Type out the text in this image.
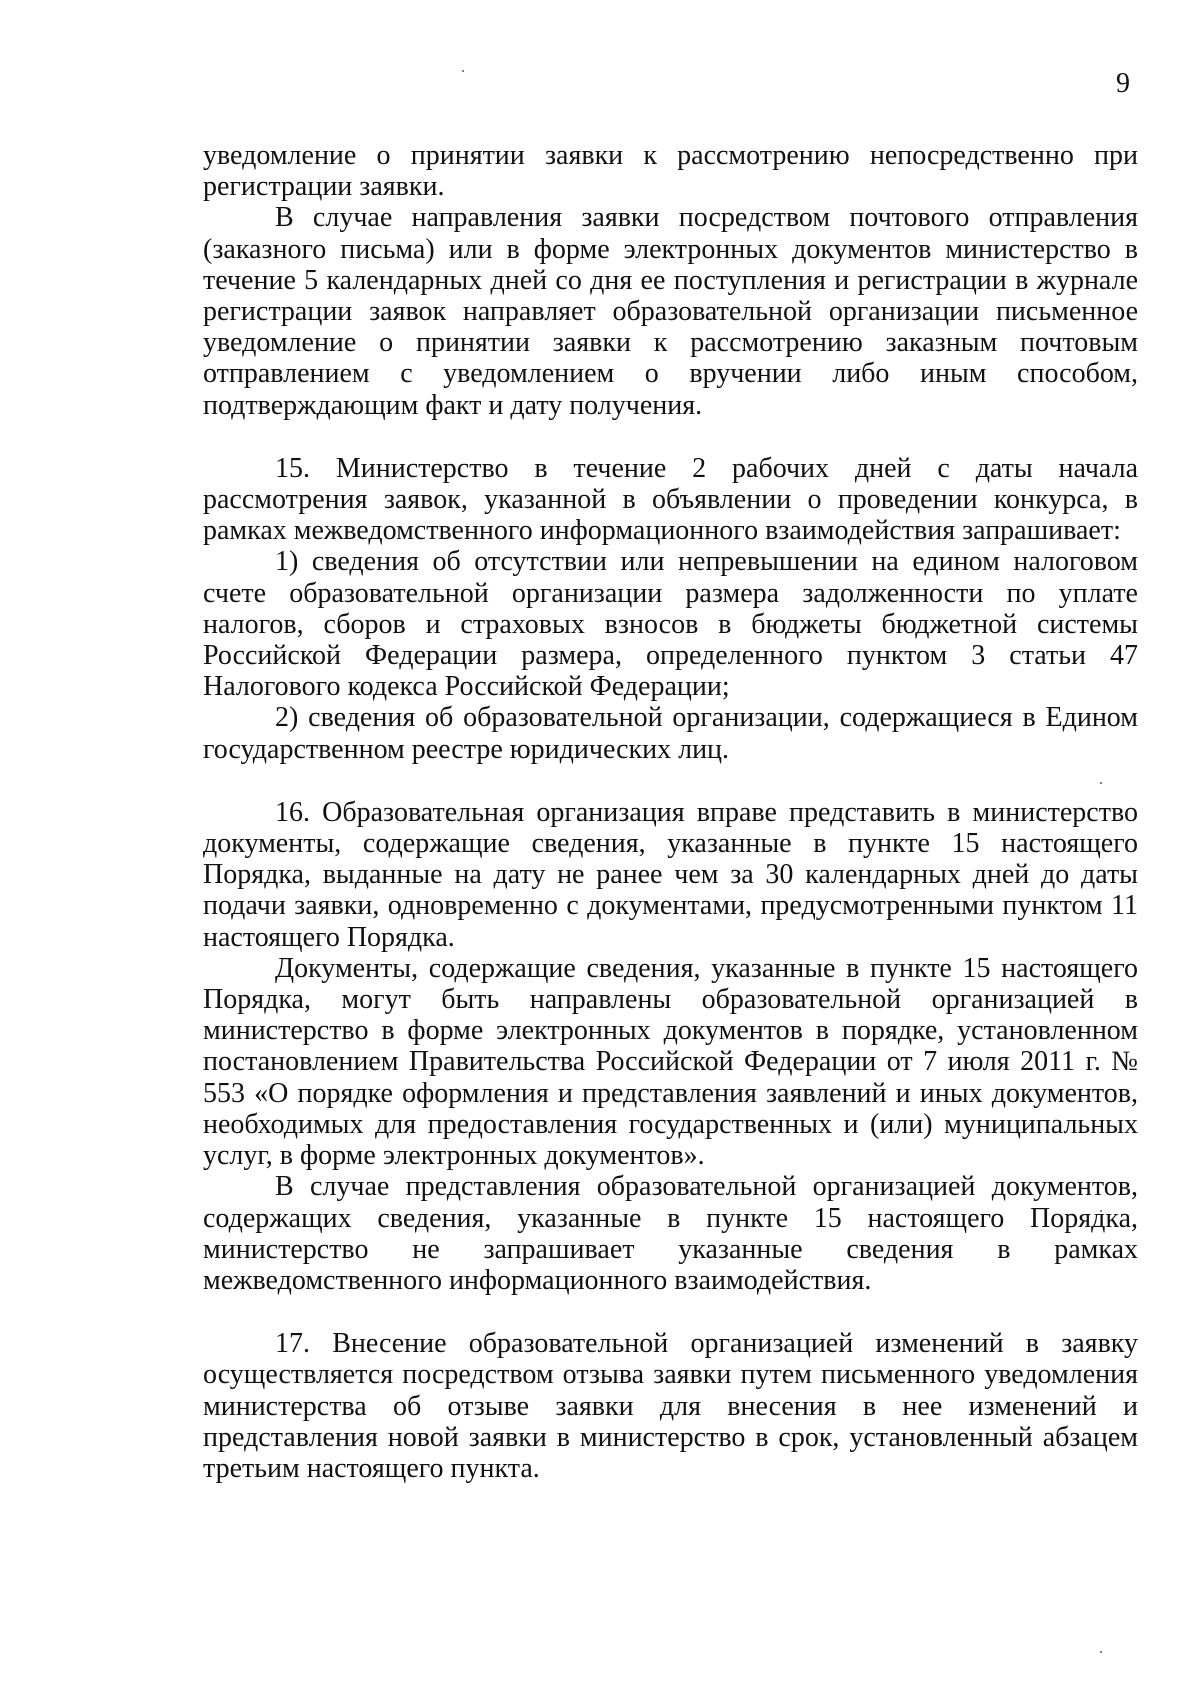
9

уведомление о принятии заявки к рассмотрению непосредственно при регистрации заявки.

В случае направления заявки посредством почтового отправления (заказного письма) или в форме электронных документов министерство в течение 5 календарных дней со дня ее поступления и регистрации в журнале регистрации заявок направляет образовательной организации письменное уведомление о принятии заявки к рассмотрению заказным почтовым отправлением с уведомлением о вручении либо иным способом, подтверждающим факт и дату получения.

15. Министерство в течение 2 рабочих дней с даты начала рассмотрения заявок, указанной в объявлении о проведении конкурса, в рамках межведомственного информационного взаимодействия запрашивает:

1) сведения об отсутствии или непревышении на едином налоговом счете образовательной организации размера задолженности по уплате налогов, сборов и страховых взносов в бюджеты бюджетной системы Российской Федерации размера, определенного пунктом 3 статьи 47 Налогового кодекса Российской Федерации;

2) сведения об образовательной организации, содержащиеся в Едином государственном реестре юридических лиц.

16. Образовательная организация вправе представить в министерство документы, содержащие сведения, указанные в пункте 15 настоящего Порядка, выданные на дату не ранее чем за 30 календарных дней до даты подачи заявки, одновременно с документами, предусмотренными пунктом 11 настоящего Порядка.

Документы, содержащие сведения, указанные в пункте 15 настоящего Порядка, могут быть направлены образовательной организацией в министерство в форме электронных документов в порядке, установленном постановлением Правительства Российской Федерации от 7 июля 2011 г. № 553 «О порядке оформления и представления заявлений и иных документов, необходимых для предоставления государственных и (или) муниципальных услуг, в форме электронных документов».

В случае представления образовательной организацией документов, содержащих сведения, указанные в пункте 15 настоящего Порядка, министерство не запрашивает указанные сведения в рамках межведомственного информационного взаимодействия.

17. Внесение образовательной организацией изменений в заявку осуществляется посредством отзыва заявки путем письменного уведомления министерства об отзыве заявки для внесения в нее изменений и представления новой заявки в министерство в срок, установленный абзацем третьим настоящего пункта.
